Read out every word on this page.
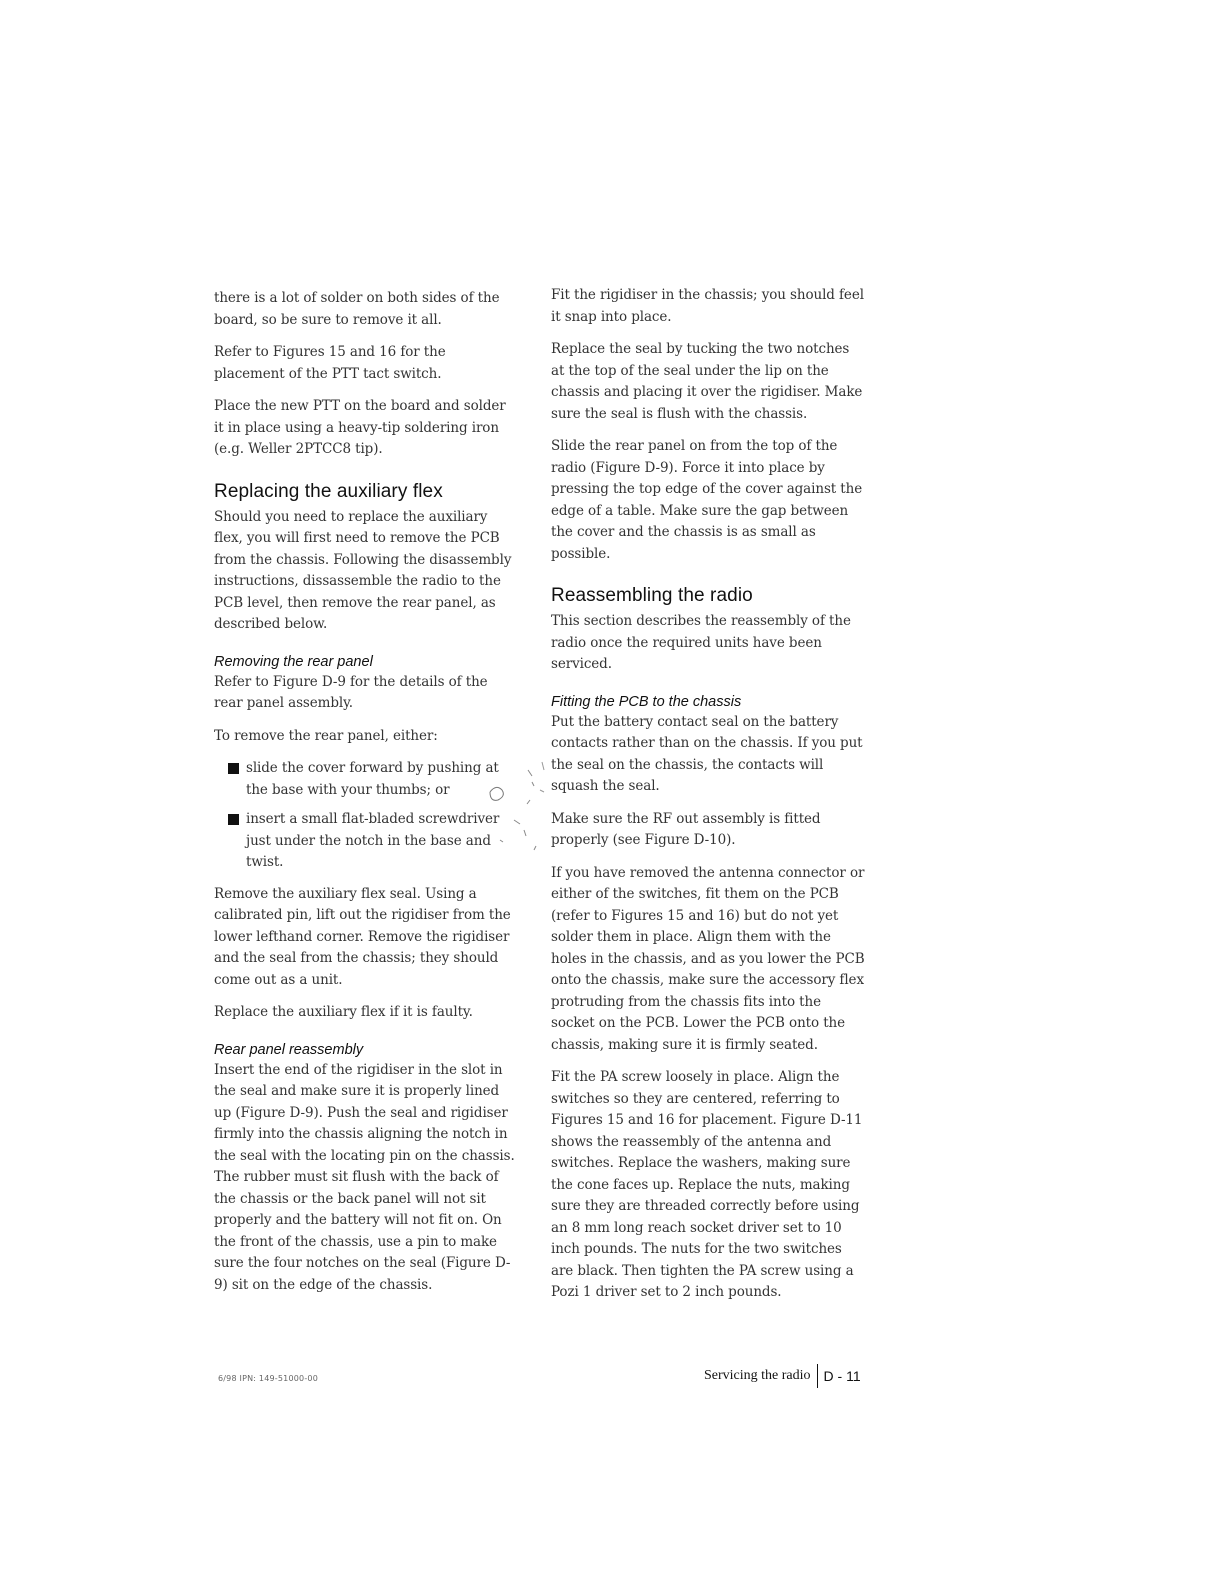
there is a lot of solder on both sides of the board, so be sure to remove it all.

Refer to Figures 15 and 16 for the placement of the PTT tact switch.

Place the new PTT on the board and solder it in place using a heavy-tip soldering iron (e.g. Weller 2PTCC8 tip).

Replacing the auxiliary flex

Should you need to replace the auxiliary flex, you will first need to remove the PCB from the chassis. Following the disassembly instructions, dissassemble the radio to the PCB level, then remove the rear panel, as described below.

Removing the rear panel

Refer to Figure D-9 for the details of the rear panel assembly.

To remove the rear panel, either:

slide the cover forward by pushing at the base with your thumbs; or

insert a small flat-bladed screwdriver just under the notch in the base and twist.

Remove the auxiliary flex seal. Using a calibrated pin, lift out the rigidiser from the lower lefthand corner. Remove the rigidiser and the seal from the chassis; they should come out as a unit.

Replace the auxiliary flex if it is faulty.

Rear panel reassembly

Insert the end of the rigidiser in the slot in the seal and make sure it is properly lined up (Figure D-9). Push the seal and rigidiser firmly into the chassis aligning the notch in the seal with the locating pin on the chassis. The rubber must sit flush with the back of the chassis or the back panel will not sit properly and the battery will not fit on. On the front of the chassis, use a pin to make sure the four notches on the seal (Figure D-9) sit on the edge of the chassis.

Fit the rigidiser in the chassis; you should feel it snap into place.

Replace the seal by tucking the two notches at the top of the seal under the lip on the chassis and placing it over the rigidiser. Make sure the seal is flush with the chassis.

Slide the rear panel on from the top of the radio (Figure D-9). Force it into place by pressing the top edge of the cover against the edge of a table. Make sure the gap between the cover and the chassis is as small as possible.

Reassembling the radio

This section describes the reassembly of the radio once the required units have been serviced.

Fitting the PCB to the chassis

Put the battery contact seal on the battery contacts rather than on the chassis. If you put the seal on the chassis, the contacts will squash the seal.

Make sure the RF out assembly is fitted properly (see Figure D-10).

If you have removed the antenna connector or either of the switches, fit them on the PCB (refer to Figures 15 and 16) but do not yet solder them in place. Align them with the holes in the chassis, and as you lower the PCB onto the chassis, make sure the accessory flex protruding from the chassis fits into the socket on the PCB. Lower the PCB onto the chassis, making sure it is firmly seated.

Fit the PA screw loosely in place. Align the switches so they are centered, referring to Figures 15 and 16 for placement. Figure D-11 shows the reassembly of the antenna and switches. Replace the washers, making sure the cone faces up. Replace the nuts, making sure they are threaded correctly before using an 8 mm long reach socket driver set to 10 inch pounds. The nuts for the two switches are black. Then tighten the PA screw using a Pozi 1 driver set to 2 inch pounds.

6/98 IPN: 149-51000-00	Servicing the radio D - 11
